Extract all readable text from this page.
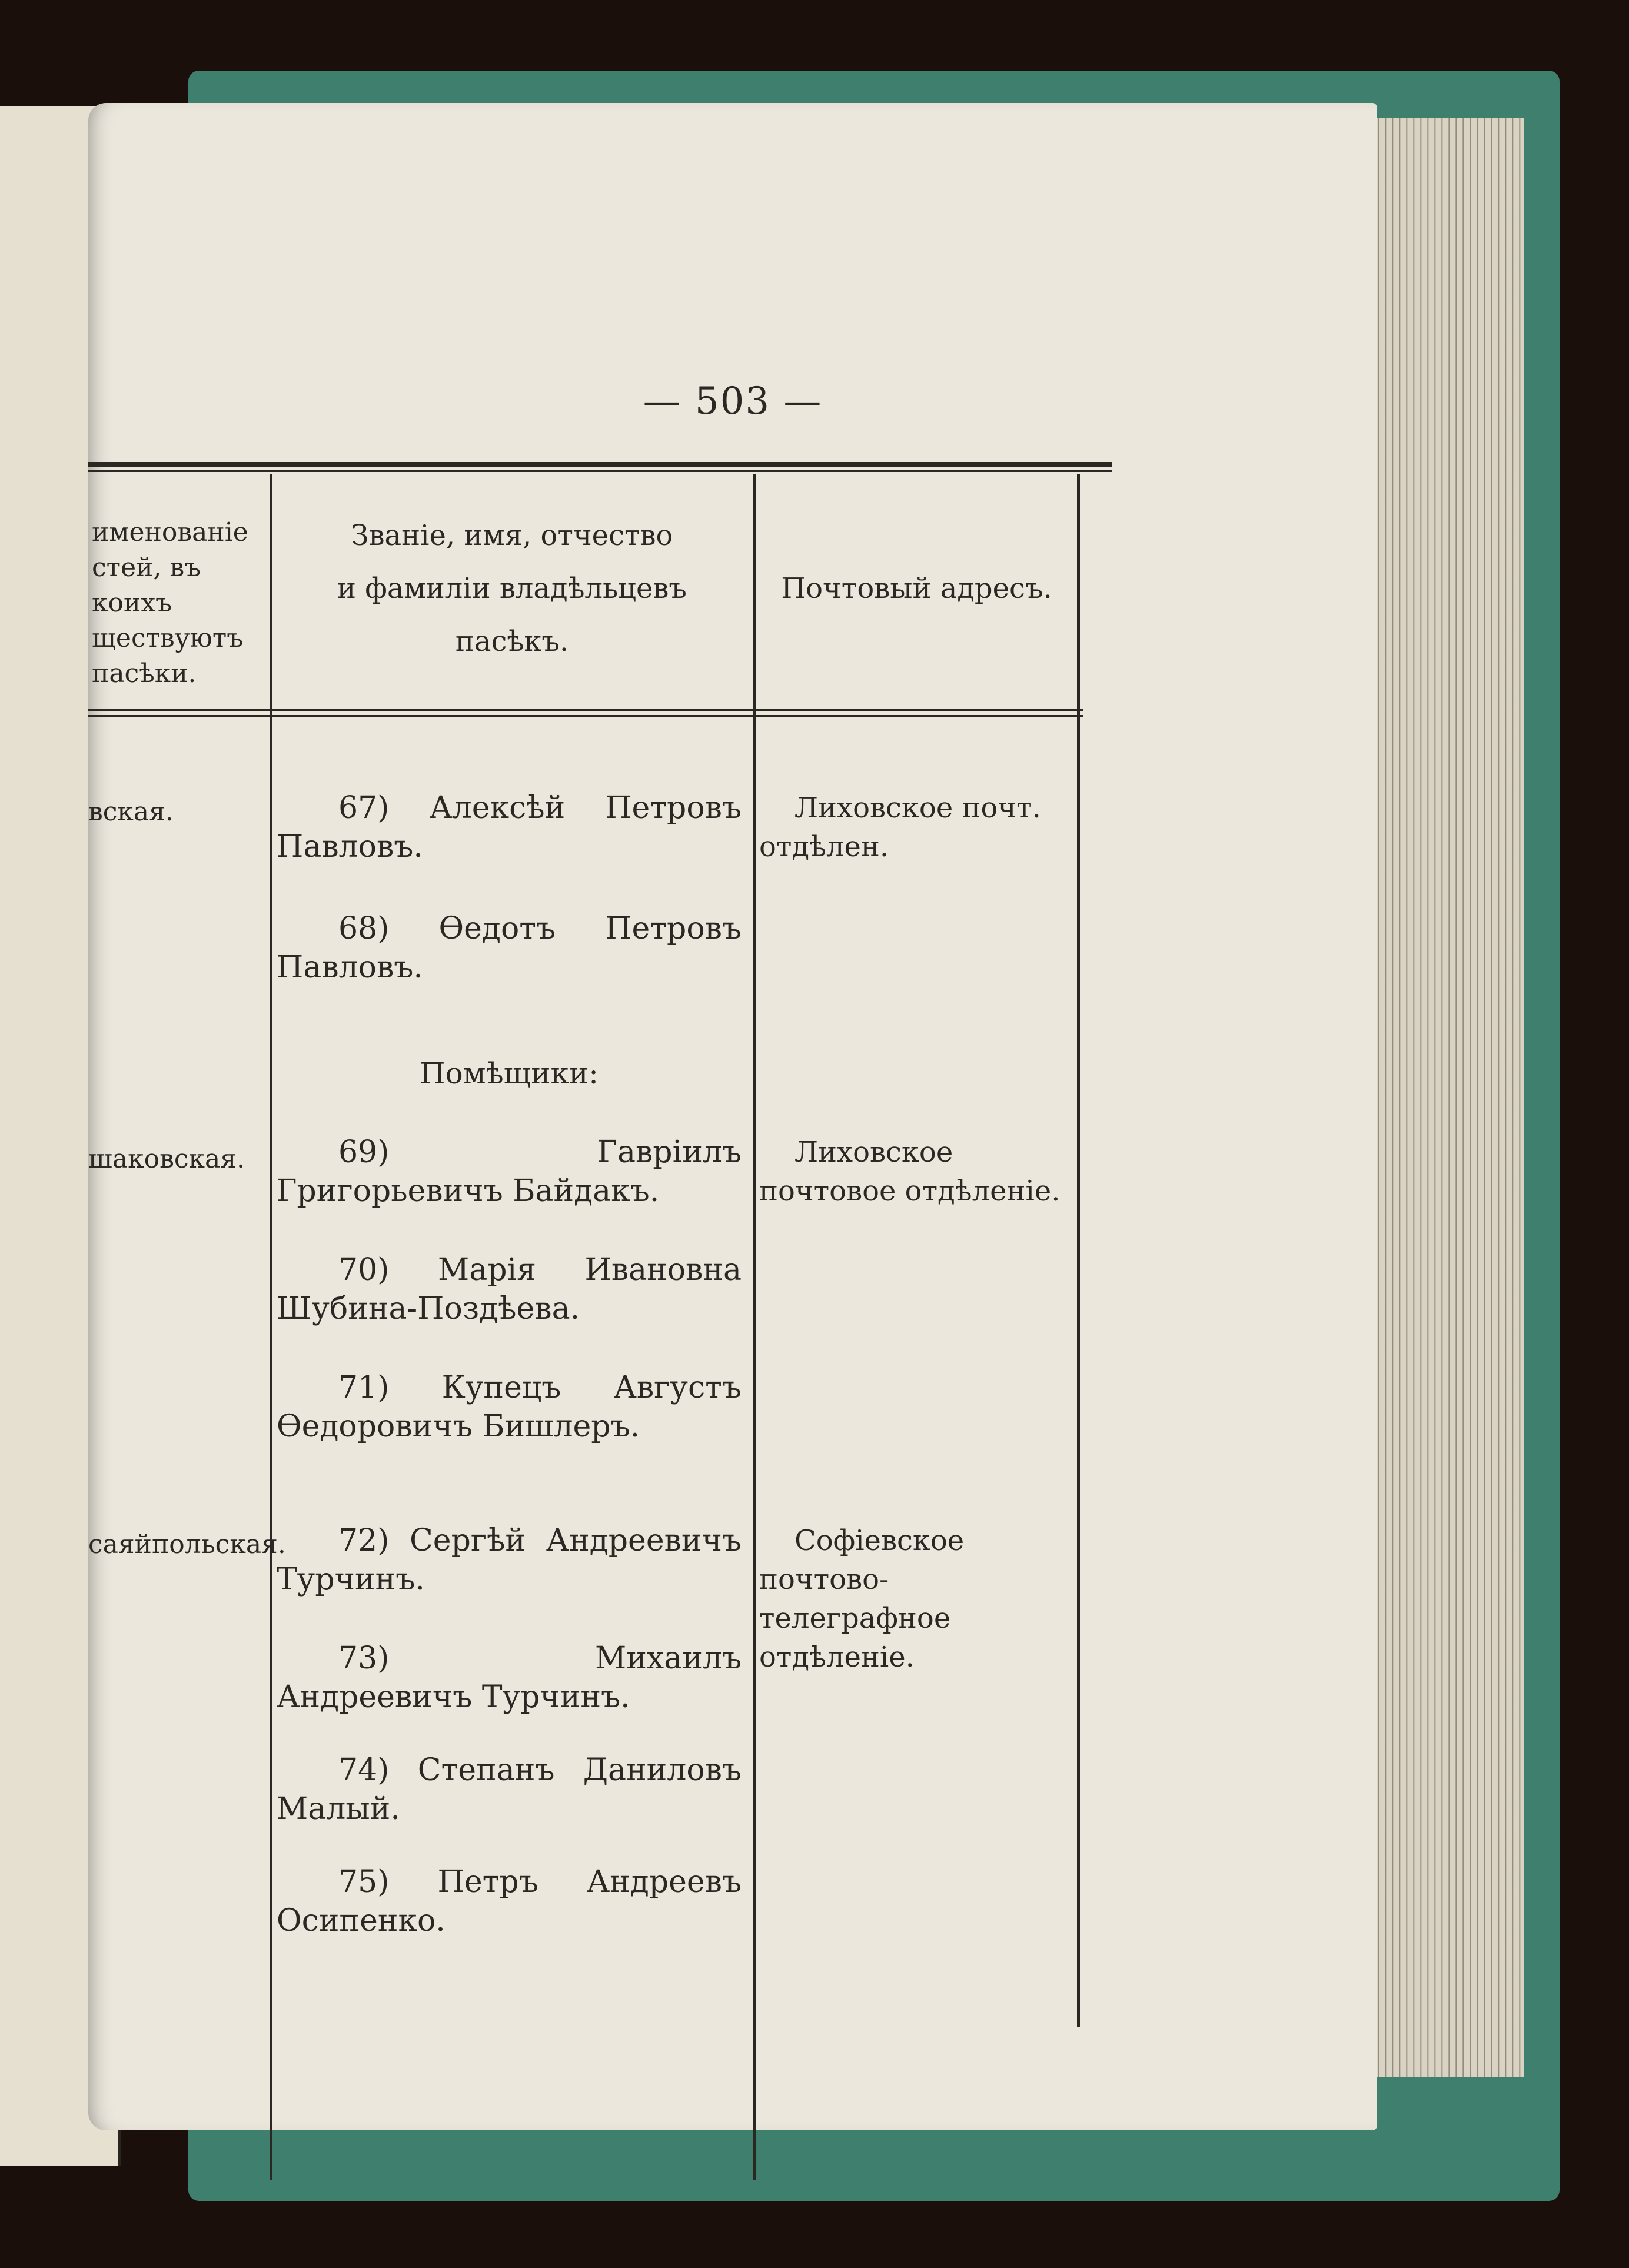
— 503 —
именованіе
стей, въ коихъ
ществуютъ
пасѣки.
Званіе, имя, отчество
и фамиліи владѣльцевъ
пасѣкъ.
Почтовый адресъ.
вская.
шаковская.
саяйпольская.
67) Алексѣй Петровъ Павловъ.
68) Ѳедотъ Петровъ Павловъ.
Помѣщики:
69) Гавріилъ Григорьевичъ Байдакъ.
70) Марія Ивановна Шубина-Поздѣева.
71) Купецъ Августъ Ѳедоровичъ Бишлеръ.
72) Сергѣй Андреевичъ Турчинъ.
73) Михаилъ Андреевичъ Турчинъ.
74) Степанъ Даниловъ Малый.
75) Петръ Андреевъ Осипенко.
Лиховское почт. отдѣлен.
Лиховское почтовое отдѣленіе.
Софіевское почтово-телеграфное отдѣленіе.
